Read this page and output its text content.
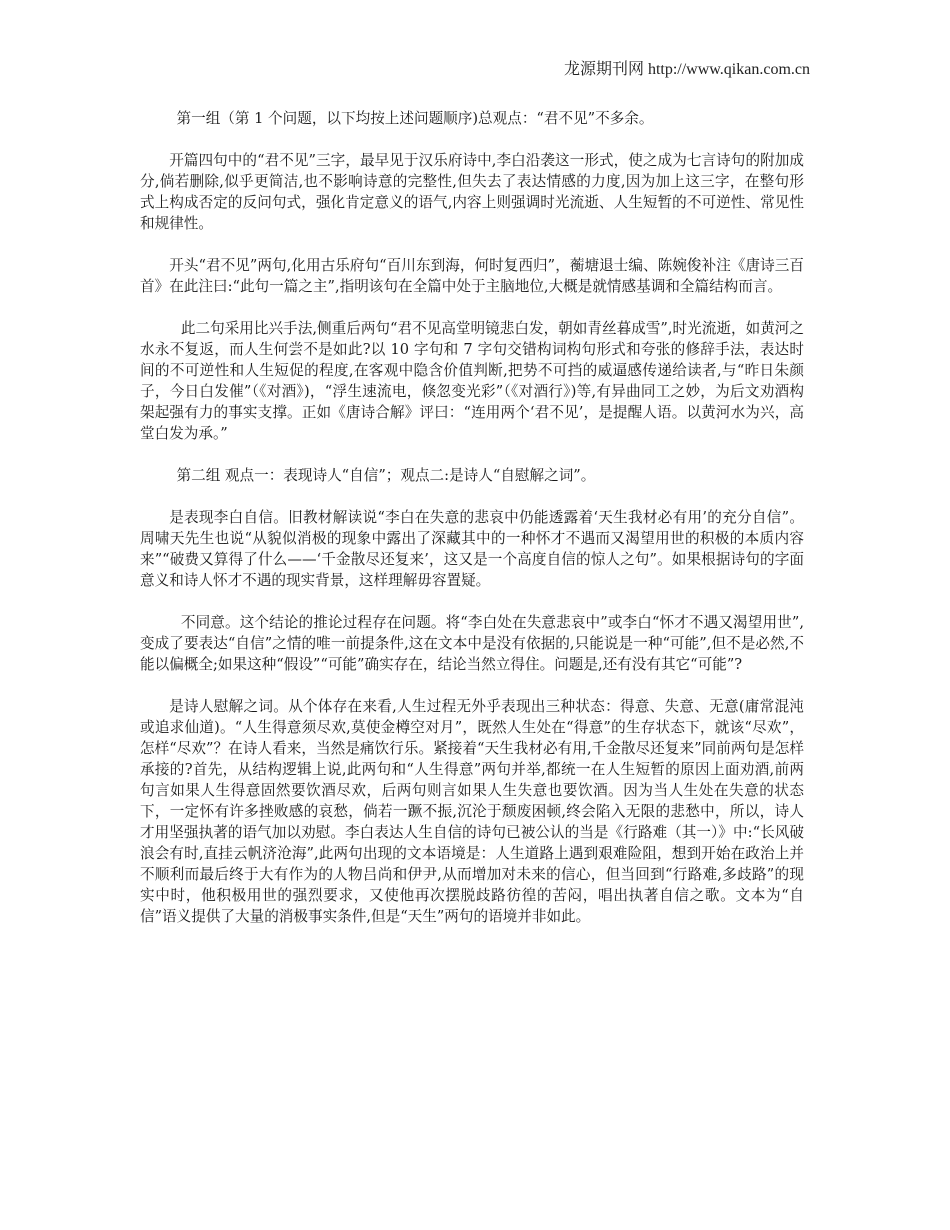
龙源期刊网 http://www.qikan.com.cn

第一组（第 1 个问题，以下均按上述问题顺序)总观点：“君不见”不多余。

开篇四句中的“君不见”三字，最早见于汉乐府诗中,李白沿袭这一形式，使之成为七言诗句的附加成分,倘若删除,似乎更简洁,也不影响诗意的完整性,但失去了表达情感的力度,因为加上这三字，在整句形式上构成否定的反问句式，强化肯定意义的语气,内容上则强调时光流逝、人生短暂的不可逆性、常见性和规律性。

开头“君不见”两句,化用古乐府句“百川东到海，何时复西归”，蘅塘退士编、陈婉俊补注《唐诗三百首》在此注曰:“此句一篇之主”,指明该句在全篇中处于主脑地位,大概是就情感基调和全篇结构而言。

此二句采用比兴手法,侧重后两句“君不见高堂明镜悲白发，朝如青丝暮成雪”,时光流逝，如黄河之水永不复返，而人生何尝不是如此?以 10 字句和 7 字句交错构词构句形式和夸张的修辞手法，表达时间的不可逆性和人生短促的程度,在客观中隐含价值判断,把势不可挡的威逼感传递给读者,与“昨日朱颜子，今日白发催”（《对酒》)，“浮生速流电，倏忽变光彩”（《对酒行》)等,有异曲同工之妙，为后文劝酒构架起强有力的事实支撑。正如《唐诗合解》评曰：“连用两个‘君不见’，是提醒人语。以黄河水为兴，高堂白发为承。”

第二组 观点一：表现诗人“自信”；观点二:是诗人“自慰解之词”。

是表现李白自信。旧教材解读说“李白在失意的悲哀中仍能透露着‘天生我材必有用’的充分自信”。周啸天先生也说“从貌似消极的现象中露出了深藏其中的一种怀才不遇而又渴望用世的积极的本质内容来”“破费又算得了什么——‘千金散尽还复来’，这又是一个高度自信的惊人之句”。如果根据诗句的字面意义和诗人怀才不遇的现实背景，这样理解毋容置疑。

不同意。这个结论的推论过程存在问题。将“李白处在失意悲哀中”或李白“怀才不遇又渴望用世”,变成了要表达“自信”之情的唯一前提条件,这在文本中是没有依据的,只能说是一种“可能”,但不是必然,不能以偏概全;如果这种“假设”“可能”确实存在，结论当然立得住。问题是,还有没有其它“可能”?

是诗人慰解之词。从个体存在来看,人生过程无外乎表现出三种状态：得意、失意、无意(庸常混沌或追求仙道)。“人生得意须尽欢,莫使金樽空对月”，既然人生处在“得意”的生存状态下，就该“尽欢”，怎样“尽欢”？在诗人看来，当然是痛饮行乐。紧接着“天生我材必有用,千金散尽还复来”同前两句是怎样承接的?首先，从结构逻辑上说,此两句和“人生得意”两句并举,都统一在人生短暂的原因上面劝酒,前两句言如果人生得意固然要饮酒尽欢，后两句则言如果人生失意也要饮酒。因为当人生处在失意的状态下，一定怀有许多挫败感的哀愁，倘若一蹶不振,沉沦于颓废困顿,终会陷入无限的悲愁中，所以，诗人才用坚强执著的语气加以劝慰。李白表达人生自信的诗句已被公认的当是《行路难（其一）》中:“长风破浪会有时,直挂云帆济沧海”,此两句出现的文本语境是：人生道路上遇到艰难险阻，想到开始在政治上并不顺利而最后终于大有作为的人物吕尚和伊尹,从而增加对未来的信心，但当回到“行路难,多歧路”的现实中时，他积极用世的强烈要求，又使他再次摆脱歧路彷徨的苦闷，唱出执著自信之歌。文本为“自信”语义提供了大量的消极事实条件,但是“天生”两句的语境并非如此。
